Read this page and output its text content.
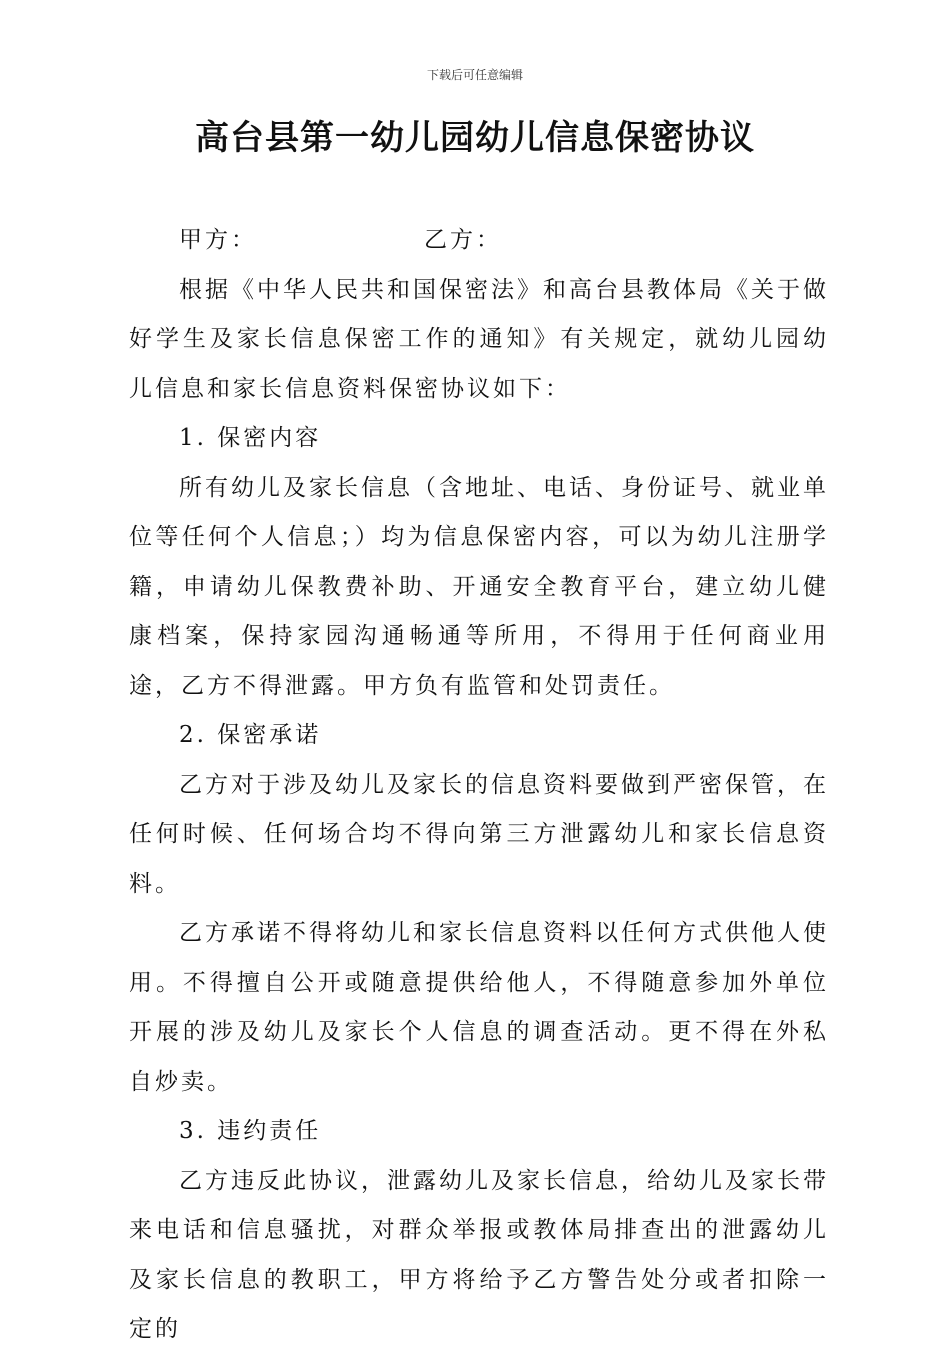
下载后可任意编辑
高台县第一幼儿园幼儿信息保密协议
甲方：	乙方：

根据《中华人民共和国保密法》和高台县教体局《关于做好学生及家长信息保密工作的通知》有关规定，就幼儿园幼儿信息和家长信息资料保密协议如下：

1. 保密内容

所有幼儿及家长信息（含地址、电话、身份证号、就业单位等任何个人信息；）均为信息保密内容，可以为幼儿注册学籍，申请幼儿保教费补助、开通安全教育平台，建立幼儿健康档案，保持家园沟通畅通等所用，不得用于任何商业用途，乙方不得泄露。甲方负有监管和处罚责任。

2. 保密承诺

乙方对于涉及幼儿及家长的信息资料要做到严密保管，在任何时候、任何场合均不得向第三方泄露幼儿和家长信息资料。

乙方承诺不得将幼儿和家长信息资料以任何方式供他人使用。不得擅自公开或随意提供给他人，不得随意参加外单位开展的涉及幼儿及家长个人信息的调查活动。更不得在外私自炒卖。

3. 违约责任

乙方违反此协议，泄露幼儿及家长信息，给幼儿及家长带来电话和信息骚扰，对群众举报或教体局排查出的泄露幼儿及家长信息的教职工，甲方将给予乙方警告处分或者扣除一定的
